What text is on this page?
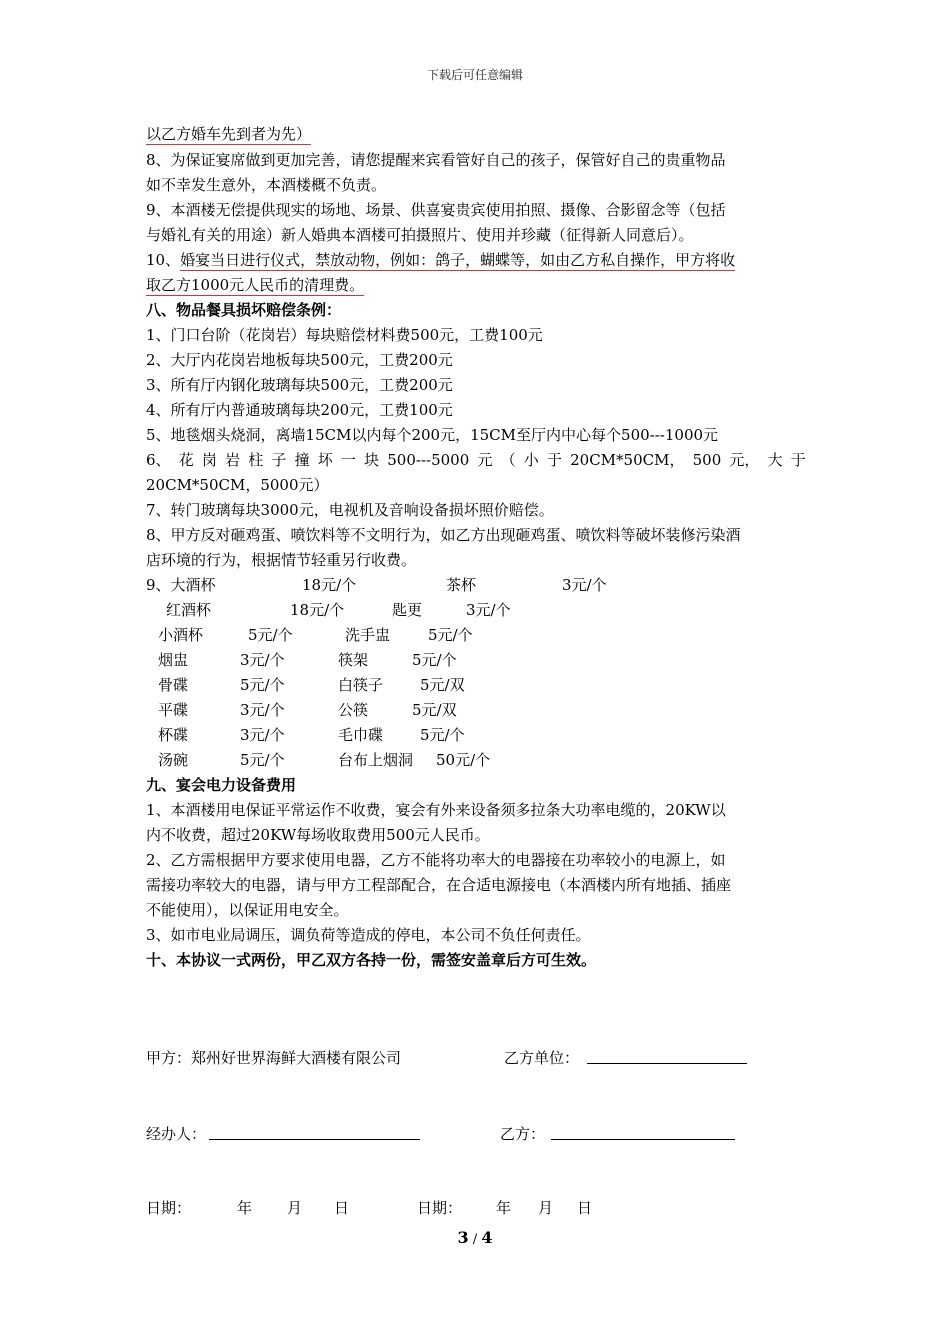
下载后可任意编辑
以乙方婚车先到者为先）
8、为保证宴席做到更加完善，请您提醒来宾看管好自己的孩子，保管好自己的贵重物品
如不幸发生意外，本酒楼概不负责。
9、本酒楼无偿提供现实的场地、场景、供喜宴贵宾使用拍照、摄像、合影留念等（包括
与婚礼有关的用途）新人婚典本酒楼可拍摄照片、使用并珍藏（征得新人同意后）。
10、婚宴当日进行仪式，禁放动物，例如：鸽子，蝴蝶等，如由乙方私自操作，甲方将收
取乙方1000元人民币的清理费。
八、物品餐具损坏赔偿条例：
1、门口台阶（花岗岩）每块赔偿材料费500元，工费100元
2、大厅内花岗岩地板每块500元，工费200元
3、所有厅内钢化玻璃每块500元，工费200元
4、所有厅内普通玻璃每块200元，工费100元
5、地毯烟头烧洞，离墙15CM以内每个200元，15CM至厅内中心每个500---1000元
6、 花 岗 岩 柱 子 撞 坏 一 块 500---5000 元 （ 小 于 20CM*50CM， 500 元， 大 于
20CM*50CM，5000元）
7、转门玻璃每块3000元，电视机及音响设备损坏照价赔偿。
8、甲方反对砸鸡蛋、喷饮料等不文明行为，如乙方出现砸鸡蛋、喷饮料等破坏装修污染酒
店环境的行为，根据情节轻重另行收费。
9、大酒杯	18元/个	茶杯	3元/个
红酒杯	18元/个	匙更	3元/个
小酒杯	5元/个	洗手盅	5元/个
烟盅	3元/个	筷架	5元/个
骨碟	5元/个	白筷子 5元/双
平碟	3元/个	公筷	5元/双
杯碟	3元/个	毛巾碟 5元/个
汤碗	5元/个	台布上烟洞 50元/个
九、宴会电力设备费用
1、本酒楼用电保证平常运作不收费，宴会有外来设备须多拉条大功率电缆的，20KW以
内不收费，超过20KW每场收取费用500元人民币。
2、乙方需根据甲方要求使用电器，乙方不能将功率大的电器接在功率较小的电源上，如
需接功率较大的电器，请与甲方工程部配合，在合适电源接电（本酒楼内所有地插、插座
不能使用），以保证用电安全。
3、如市电业局调压，调负荷等造成的停电，本公司不负任何责任。
十、本协议一式两份，甲乙双方各持一份，需签安盖章后方可生效。
甲方：郑州好世界海鲜大酒楼有限公司	乙方单位：
经办人：	乙方：
日期：	年 月 日	日期： 年 月 日
3 / 4
